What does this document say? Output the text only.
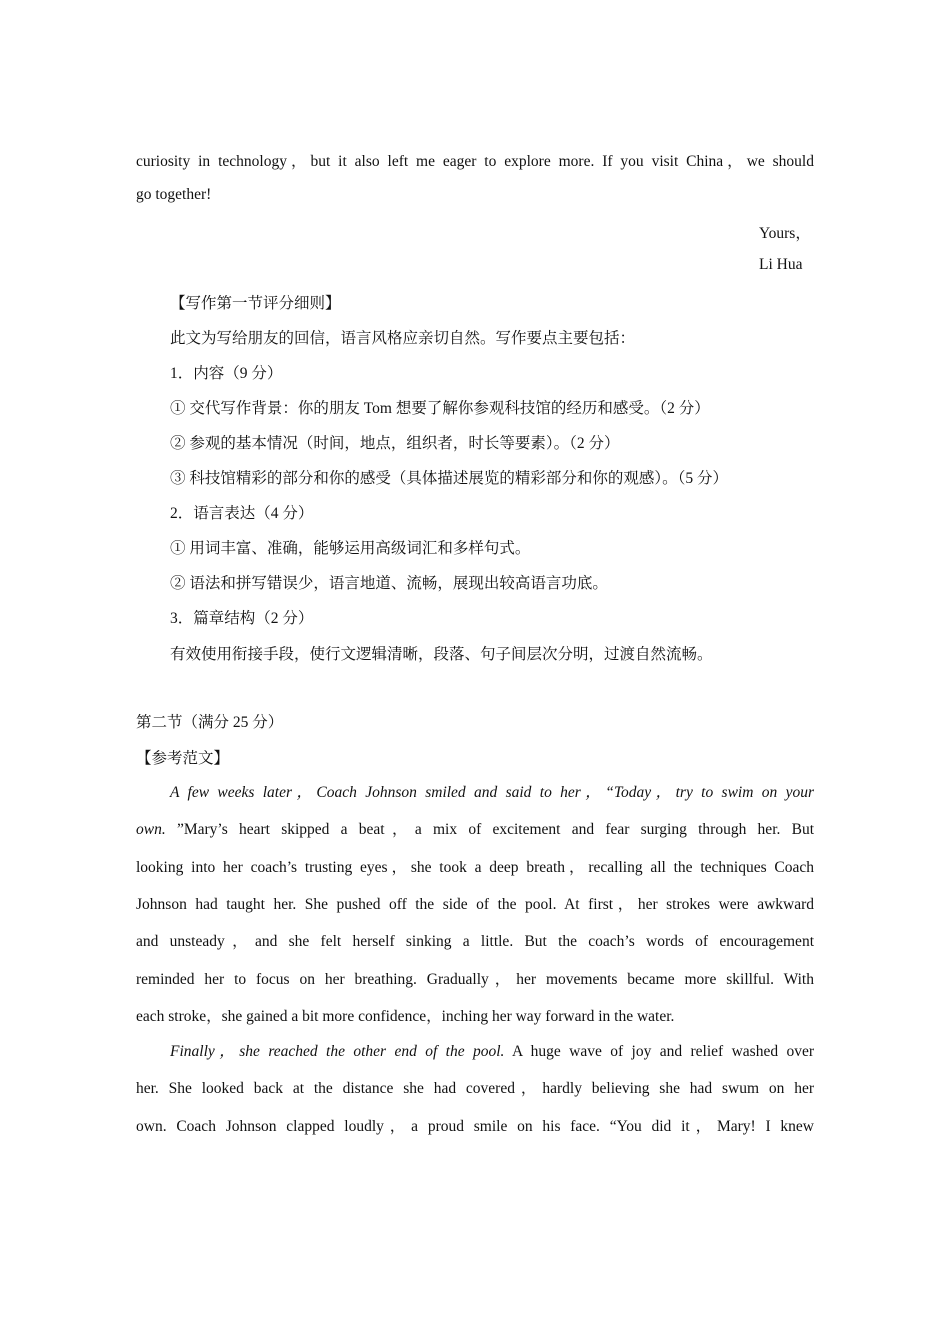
curiosity in technology，but it also left me eager to explore more. If you visit China，we should
go together!
Yours，
Li Hua
【写作第一节评分细则】
此文为写给朋友的回信，语言风格应亲切自然。写作要点主要包括：
1．内容（9 分）
① 交代写作背景：你的朋友 Tom 想要了解你参观科技馆的经历和感受。（2 分）
② 参观的基本情况（时间，地点，组织者，时长等要素）。（2 分）
③ 科技馆精彩的部分和你的感受（具体描述展览的精彩部分和你的观感）。（5 分）
2．语言表达（4 分）
① 用词丰富、准确，能够运用高级词汇和多样句式。
② 语法和拼写错误少，语言地道、流畅，展现出较高语言功底。
3．篇章结构（2 分）
有效使用衔接手段，使行文逻辑清晰，段落、句子间层次分明，过渡自然流畅。
第二节（满分 25 分）
【参考范文】
A few weeks later，Coach Johnson smiled and said to her，“Today，try to swim on your
own. ”Mary’s heart skipped a beat，a mix of excitement and fear surging through her. But
looking into her coach’s trusting eyes，she took a deep breath，recalling all the techniques Coach
Johnson had taught her. She pushed off the side of the pool. At first，her strokes were awkward
and unsteady，and she felt herself sinking a little. But the coach’s words of encouragement
reminded her to focus on her breathing. Gradually，her movements became more skillful. With
each stroke，she gained a bit more confidence，inching her way forward in the water.
Finally，she reached the other end of the pool. A huge wave of joy and relief washed over
her. She looked back at the distance she had covered，hardly believing she had swum on her
own. Coach Johnson clapped loudly，a proud smile on his face. “You did it，Mary! I knew
